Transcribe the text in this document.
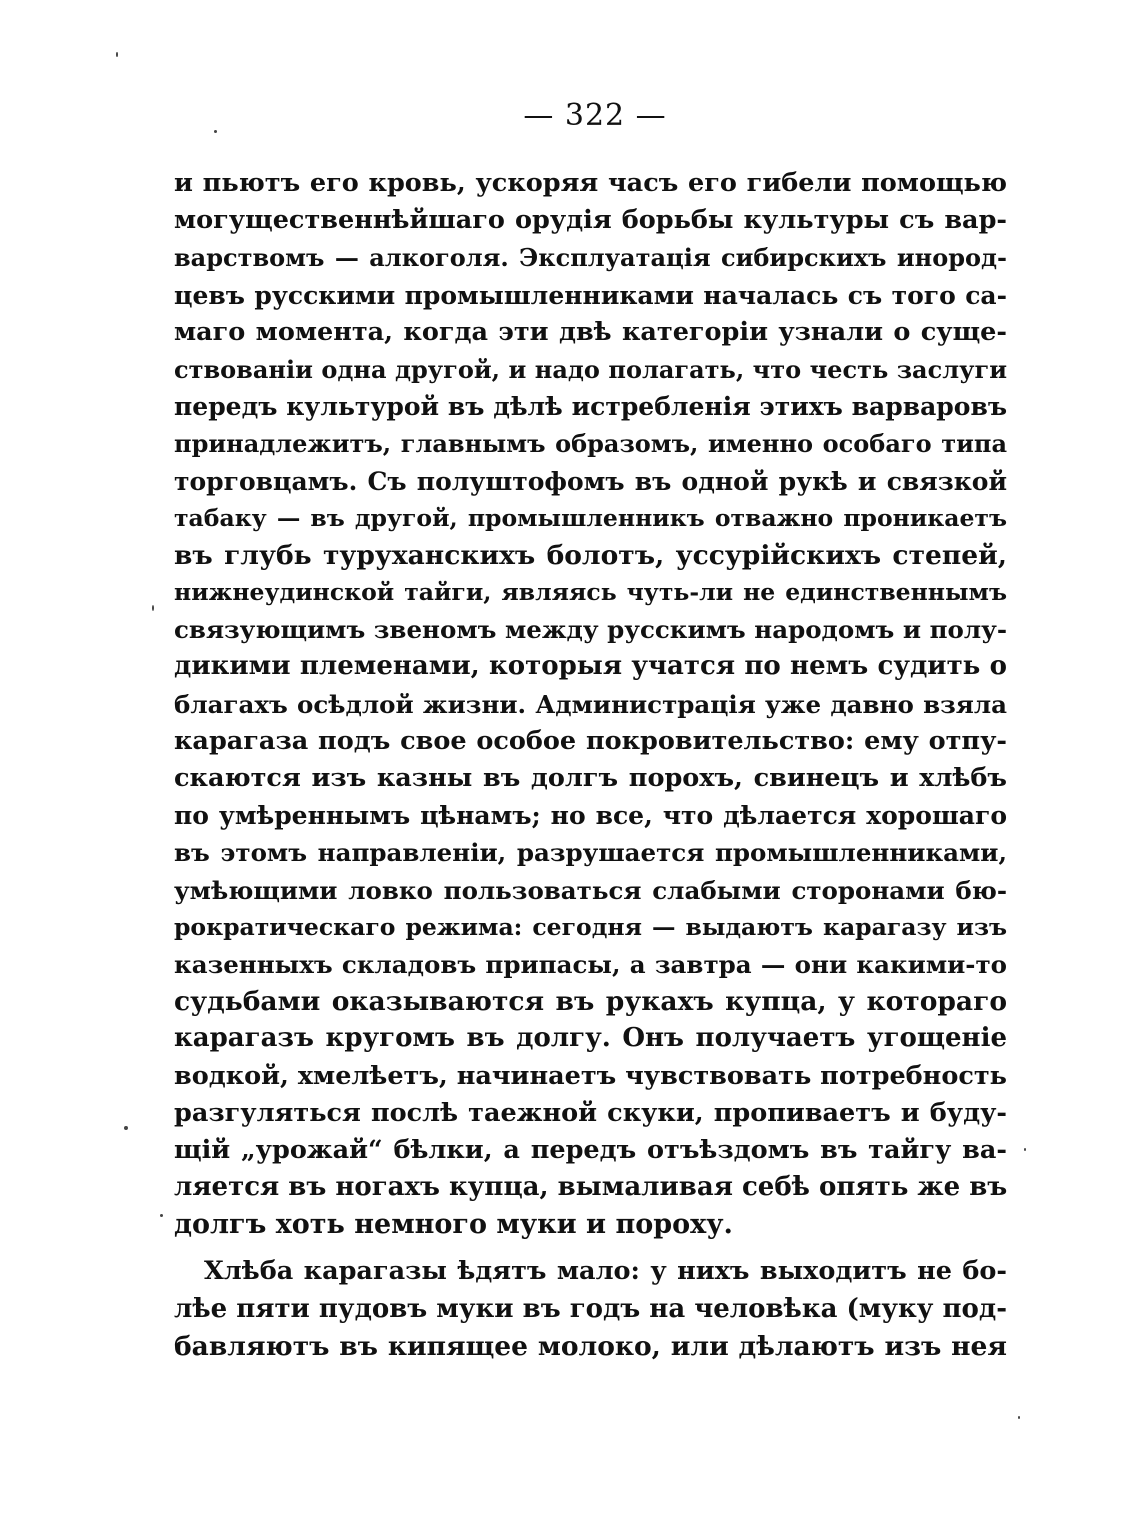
— 322 —
и пьютъ его кровь, ускоряя часъ его гибели помощью
могущественнѣйшаго орудія борьбы культуры съ вар-
варствомъ — алкоголя. Эксплуатація сибирскихъ инород-
цевъ русскими промышленниками началась съ того са-
маго момента, когда эти двѣ категоріи узнали о суще-
ствованіи одна другой, и надо полагать, что честь заслуги
передъ культурой въ дѣлѣ истребленія этихъ варваровъ
принадлежитъ, главнымъ образомъ, именно особаго типа
торговцамъ. Съ полуштофомъ въ одной рукѣ и связкой
табаку — въ другой, промышленникъ отважно проникаетъ
въ глубь туруханскихъ болотъ, уссурійскихъ степей,
нижнеудинской тайги, являясь чуть-ли не единственнымъ
связующимъ звеномъ между русскимъ народомъ и полу-
дикими племенами, которыя учатся по немъ судить о
благахъ осѣдлой жизни. Администрація уже давно взяла
карагаза подъ свое особое покровительство: ему отпу-
скаются изъ казны въ долгъ порохъ, свинецъ и хлѣбъ
по умѣреннымъ цѣнамъ; но все, что дѣлается хорошаго
въ этомъ направленіи, разрушается промышленниками,
умѣющими ловко пользоваться слабыми сторонами бю-
рократическаго режима: сегодня — выдаютъ карагазу изъ
казенныхъ складовъ припасы, а завтра — они какими-то
судьбами оказываются въ рукахъ купца, у котораго
карагазъ кругомъ въ долгу. Онъ получаетъ угощеніе
водкой, хмелѣетъ, начинаетъ чувствовать потребность
разгуляться послѣ таежной скуки, пропиваетъ и буду-
щій „урожай“ бѣлки, а передъ отъѣздомъ въ тайгу ва-
ляется въ ногахъ купца, вымаливая себѣ опять же въ
долгъ хоть немного муки и пороху.
Хлѣба карагазы ѣдятъ мало: у нихъ выходитъ не бо-
лѣе пяти пудовъ муки въ годъ на человѣка (муку под-
бавляютъ въ кипящее молоко, или дѣлаютъ изъ нея
